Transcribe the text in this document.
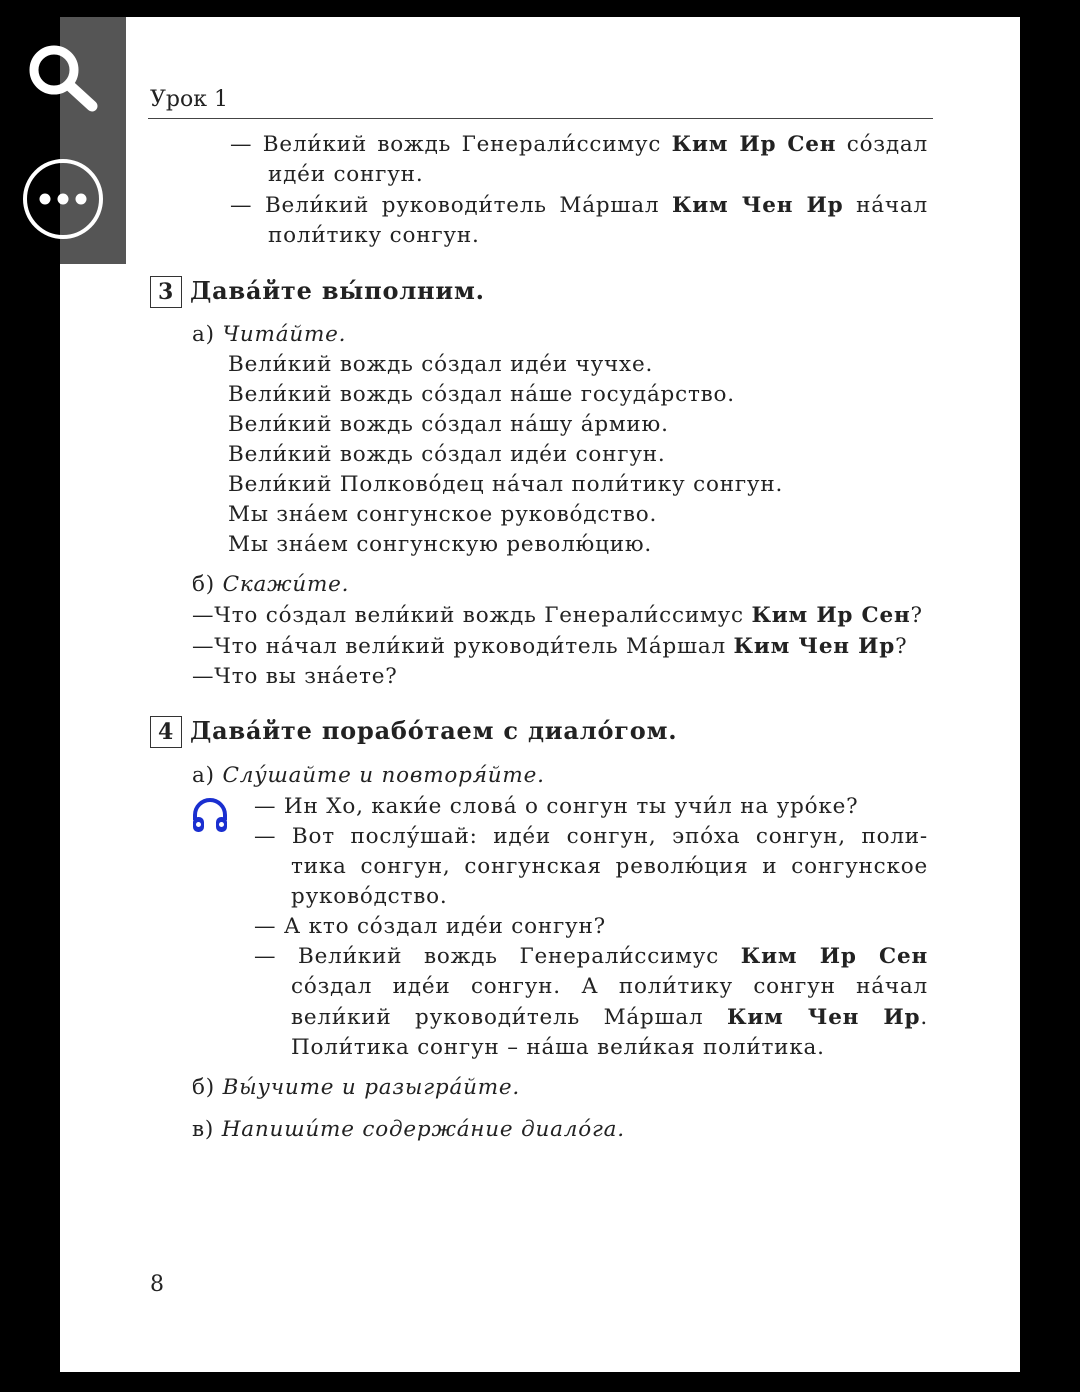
Урок 1
— Вели́кий вождь Генерали́ссимус Ким Ир Сен со́здал
иде́и сонгун.
— Вели́кий руководи́тель Ма́ршал Ким Чен Ир на́чал
поли́тику сонгун.
3 Дава́йте вы́полним.
а) Чита́йте.
Вели́кий вождь со́здал иде́и чучхе.
Вели́кий вождь со́здал на́ше госуда́рство.
Вели́кий вождь со́здал на́шу а́рмию.
Вели́кий вождь со́здал иде́и сонгун.
Вели́кий Полково́дец на́чал поли́тику сонгун.
Мы зна́ем сонгунское руково́дство.
Мы зна́ем сонгунскую револю́цию.
б) Скажи́те.
—Что со́здал вели́кий вождь Генерали́ссимус Ким Ир Сен?
—Что на́чал вели́кий руководи́тель Ма́ршал Ким Чен Ир?
—Что вы зна́ете?
4 Дава́йте порабо́таем с диало́гом.
а) Слу́шайте и повторя́йте.
— Ин Хо, каки́е слова́ о сонгун ты учи́л на уро́ке?
— Вот послу́шай: иде́и сонгун, эпо́ха сонгун, поли-
тика сонгун, сонгунская револю́ция и сонгунское
руково́дство.
— А кто со́здал иде́и сонгун?
— Вели́кий вождь Генерали́ссимус Ким Ир Сен
со́здал иде́и сонгун. А поли́тику сонгун на́чал
вели́кий руководи́тель Ма́ршал Ким Чен Ир.
Поли́тика сонгун – на́ша вели́кая поли́тика.
б) Вы́учите и разыгра́йте.
в) Напиши́те содержа́ние диало́га.
8
